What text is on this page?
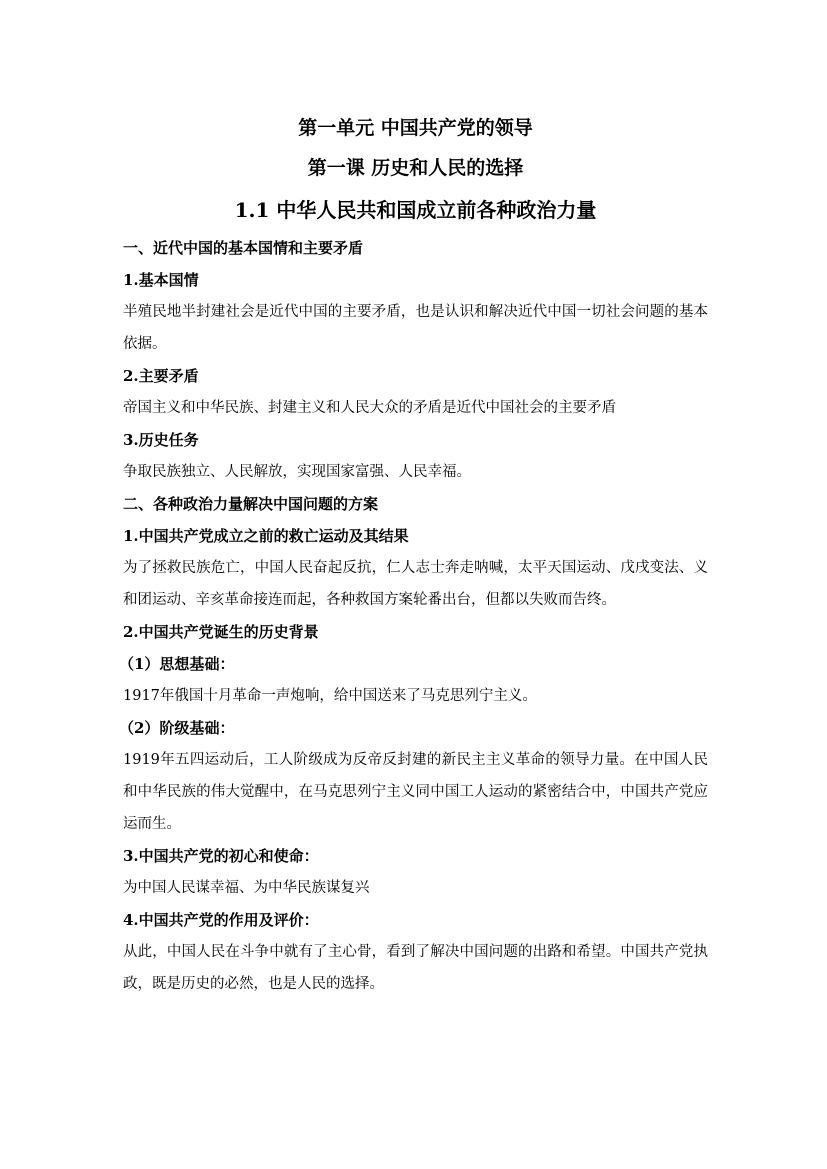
第一单元 中国共产党的领导

第一课 历史和人民的选择

1.1 中华人民共和国成立前各种政治力量

一、近代中国的基本国情和主要矛盾

1.基本国情

半殖民地半封建社会是近代中国的主要矛盾，也是认识和解决近代中国一切社会问题的基本依据。

2.主要矛盾

帝国主义和中华民族、封建主义和人民大众的矛盾是近代中国社会的主要矛盾

3.历史任务

争取民族独立、人民解放，实现国家富强、人民幸福。

二、各种政治力量解决中国问题的方案

1.中国共产党成立之前的救亡运动及其结果

为了拯救民族危亡，中国人民奋起反抗，仁人志士奔走呐喊，太平天国运动、戊戌变法、义和团运动、辛亥革命接连而起，各种救国方案轮番出台，但都以失败而告终。

2.中国共产党诞生的历史背景

（1）思想基础：

1917年俄国十月革命一声炮响，给中国送来了马克思列宁主义。

（2）阶级基础：

1919年五四运动后，工人阶级成为反帝反封建的新民主主义革命的领导力量。在中国人民和中华民族的伟大觉醒中，在马克思列宁主义同中国工人运动的紧密结合中，中国共产党应运而生。

3.中国共产党的初心和使命：

为中国人民谋幸福、为中华民族谋复兴

4.中国共产党的作用及评价：

从此，中国人民在斗争中就有了主心骨，看到了解决中国问题的出路和希望。中国共产党执政，既是历史的必然，也是人民的选择。
